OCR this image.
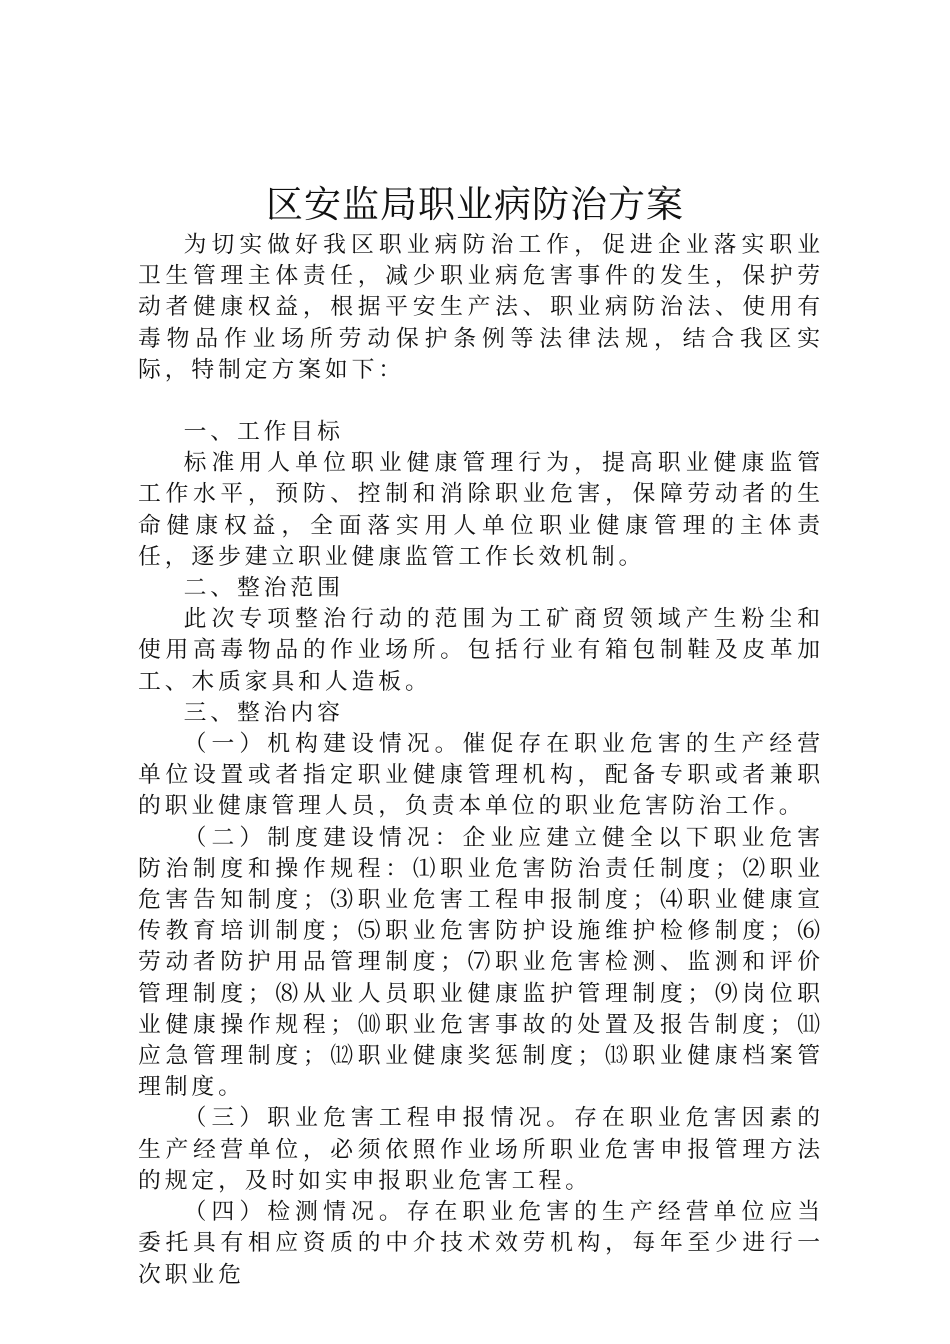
区安监局职业病防治方案

为切实做好我区职业病防治工作，促进企业落实职业卫生管理主体责任，减少职业病危害事件的发生，保护劳动者健康权益，根据平安生产法、职业病防治法、使用有毒物品作业场所劳动保护条例等法律法规，结合我区实际，特制定方案如下：

一、工作目标

标准用人单位职业健康管理行为，提高职业健康监管工作水平，预防、控制和消除职业危害，保障劳动者的生命健康权益，全面落实用人单位职业健康管理的主体责任，逐步建立职业健康监管工作长效机制。

二、整治范围

此次专项整治行动的范围为工矿商贸领域产生粉尘和使用高毒物品的作业场所。包括行业有箱包制鞋及皮革加工、木质家具和人造板。

三、整治内容

（一）机构建设情况。催促存在职业危害的生产经营单位设置或者指定职业健康管理机构，配备专职或者兼职的职业健康管理人员，负责本单位的职业危害防治工作。

（二）制度建设情况：企业应建立健全以下职业危害防治制度和操作规程：⑴职业危害防治责任制度；⑵职业危害告知制度；⑶职业危害工程申报制度；⑷职业健康宣传教育培训制度；⑸职业危害防护设施维护检修制度；⑹劳动者防护用品管理制度；⑺职业危害检测、监测和评价管理制度；⑻从业人员职业健康监护管理制度；⑼岗位职业健康操作规程；⑽职业危害事故的处置及报告制度；⑾应急管理制度；⑿职业健康奖惩制度；⒀职业健康档案管理制度。

（三）职业危害工程申报情况。存在职业危害因素的生产经营单位，必须依照作业场所职业危害申报管理方法的规定，及时如实申报职业危害工程。

（四）检测情况。存在职业危害的生产经营单位应当委托具有相应资质的中介技术效劳机构，每年至少进行一次职业危
